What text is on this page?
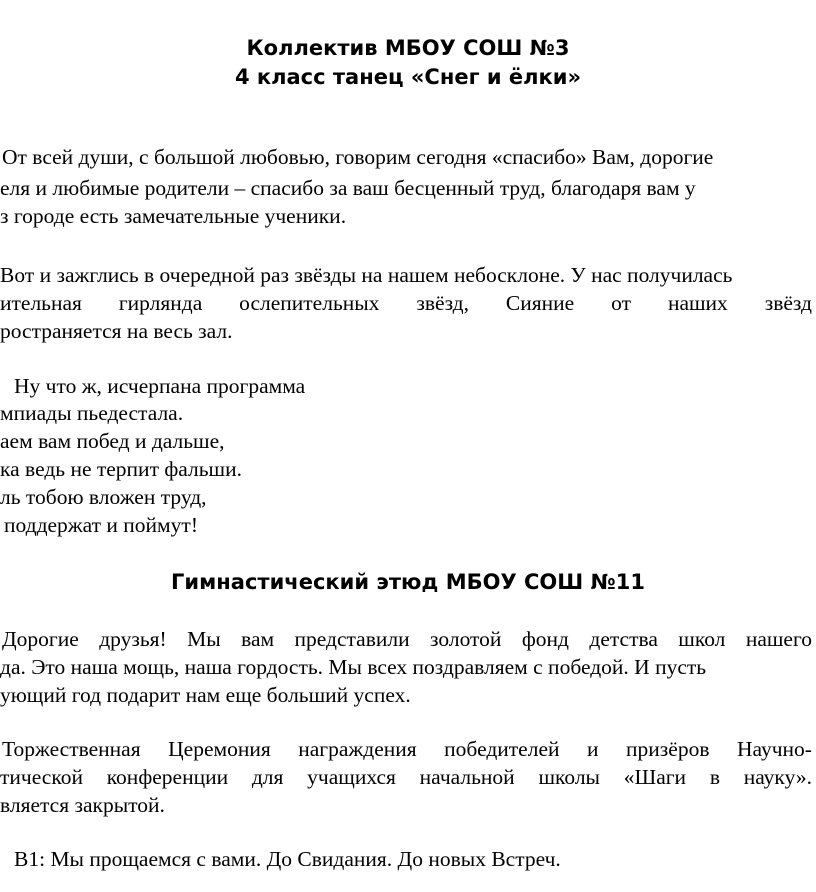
Коллектив МБОУ СОШ №3
4 класс танец «Снег и ёлки»
От всей души, с большой любовью, говорим сегодня «спасибо» Вам, дорогие
еля и любимые родители – спасибо за ваш бесценный труд, благодаря вам у
з городе есть замечательные ученики.
Вот и зажглись в очередной раз звёзды на нашем небосклоне. У нас получилась
ительная гирлянда ослепительных звёзд, Сияние от наших звёзд
ространяется на весь зал.
Ну что ж, исчерпана программа
мпиады пьедестала.
аем вам побед и дальше,
ка ведь не терпит фальши.
ль тобою вложен труд,
поддержат и поймут!
Гимнастический этюд МБОУ СОШ №11
Дорогие друзья! Мы вам представили золотой фонд детства школ нашего
да. Это наша мощь, наша гордость. Мы всех поздравляем с победой. И пусть
ующий год подарит нам еще больший успех.
Торжественная Церемония награждения победителей и призёров Научно-
тической конференции для учащихся начальной школы «Шаги в науку».
вляется закрытой.
В1: Мы прощаемся с вами. До Свидания. До новых Встреч.
